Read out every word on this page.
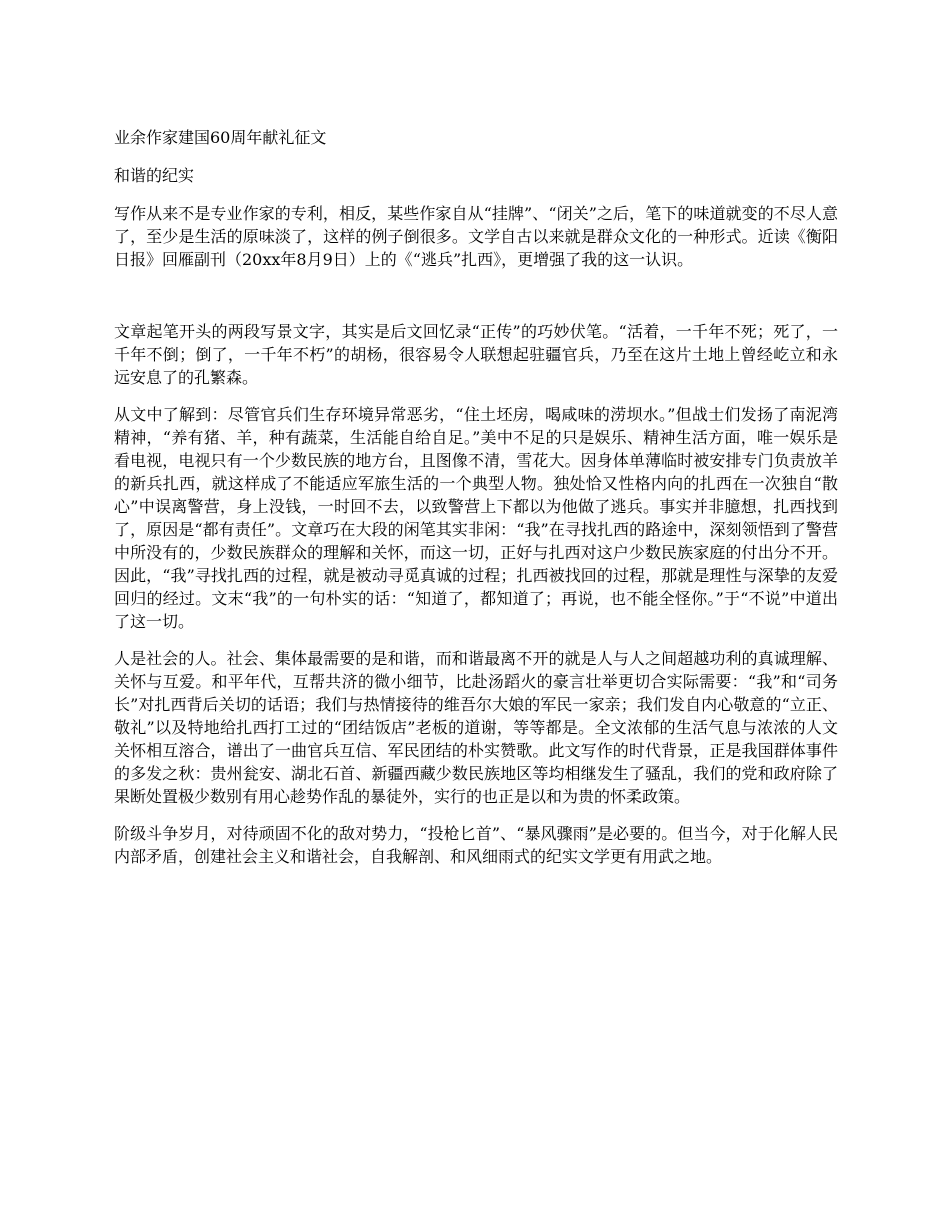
业余作家建国60周年献礼征文

和谐的纪实

写作从来不是专业作家的专利，相反，某些作家自从“挂牌”、“闭关”之后，笔下的味道就变的不尽人意了，至少是生活的原味淡了，这样的例子倒很多。文学自古以来就是群众文化的一种形式。近读《衡阳日报》回雁副刊（20xx年8月9日）上的《“逃兵”扎西》，更增强了我的这一认识。

文章起笔开头的两段写景文字，其实是后文回忆录“正传”的巧妙伏笔。“活着，一千年不死；死了，一千年不倒；倒了，一千年不朽”的胡杨，很容易令人联想起驻疆官兵，乃至在这片土地上曾经屹立和永远安息了的孔繁森。

从文中了解到：尽管官兵们生存环境异常恶劣，“住土坯房，喝咸味的涝坝水。”但战士们发扬了南泥湾精神，“养有猪、羊，种有蔬菜，生活能自给自足。”美中不足的只是娱乐、精神生活方面，唯一娱乐是看电视，电视只有一个少数民族的地方台，且图像不清，雪花大。因身体单薄临时被安排专门负责放羊的新兵扎西，就这样成了不能适应军旅生活的一个典型人物。独处恰又性格内向的扎西在一次独自“散心”中误离警营，身上没钱，一时回不去，以致警营上下都以为他做了逃兵。事实并非臆想，扎西找到了，原因是“都有责任”。文章巧在大段的闲笔其实非闲：“我”在寻找扎西的路途中，深刻领悟到了警营中所没有的，少数民族群众的理解和关怀，而这一切，正好与扎西对这户少数民族家庭的付出分不开。因此，“我”寻找扎西的过程，就是被动寻觅真诚的过程；扎西被找回的过程，那就是理性与深挚的友爱回归的经过。文末“我”的一句朴实的话：“知道了，都知道了；再说，也不能全怪你。”于“不说”中道出了这一切。

人是社会的人。社会、集体最需要的是和谐，而和谐最离不开的就是人与人之间超越功利的真诚理解、关怀与互爱。和平年代，互帮共济的微小细节，比赴汤蹈火的豪言壮举更切合实际需要：“我”和“司务长”对扎西背后关切的话语；我们与热情接待的维吾尔大娘的军民一家亲；我们发自内心敬意的“立正、敬礼”以及特地给扎西打工过的“团结饭店”老板的道谢，等等都是。全文浓郁的生活气息与浓浓的人文关怀相互溶合，谱出了一曲官兵互信、军民团结的朴实赞歌。此文写作的时代背景，正是我国群体事件的多发之秋：贵州瓮安、湖北石首、新疆西藏少数民族地区等均相继发生了骚乱，我们的党和政府除了果断处置极少数别有用心趁势作乱的暴徒外，实行的也正是以和为贵的怀柔政策。

阶级斗争岁月，对待顽固不化的敌对势力，“投枪匕首”、“暴风骤雨”是必要的。但当今，对于化解人民内部矛盾，创建社会主义和谐社会，自我解剖、和风细雨式的纪实文学更有用武之地。
